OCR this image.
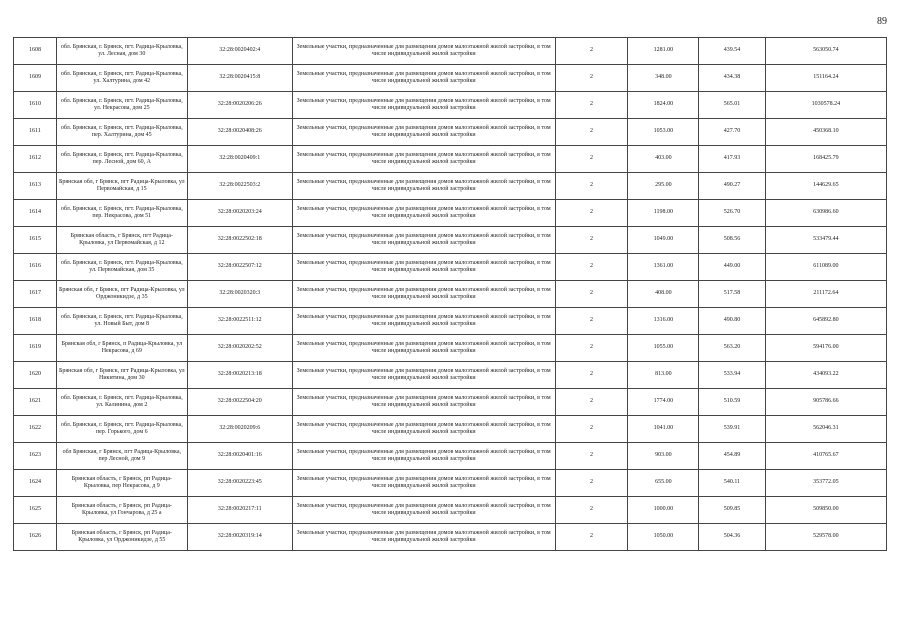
89
1608	обл. Брянская, г. Брянск, пгт. Радица-Крыловка, ул. Лесная, дом 30	32:28:0020402:4	Земельные участки, предназначенные для размещения домов малоэтажной жилой застройки, в том числе индивидуальной жилой застройки	2	1281.00	439.54	563050.74
1609	обл. Брянская, г. Брянск, пгт. Радица-Крыловка, ул. Халтурина, дом 42	32:28:0020415:8	Земельные участки, предназначенные для размещения домов малоэтажной жилой застройки, в том числе индивидуальной жилой застройки	2	348.00	434.38	151164.24
1610	обл. Брянская, г. Брянск, пгт. Радица-Крыловка, ул. Некрасова, дом 25	32:28:0020206:26	Земельные участки, предназначенные для размещения домов малоэтажной жилой застройки, в том числе индивидуальной жилой застройки	2	1824.00	565.01	1030578.24
1611	обл. Брянская, г. Брянск, пгт. Радица-Крыловка, пер. Халтурина, дом 45	32:28:0020408:26	Земельные участки, предназначенные для размещения домов малоэтажной жилой застройки, в том числе индивидуальной жилой застройки	2	1053.00	427.70	450368.10
1612	обл. Брянская, г. Брянск, пгт. Радица-Крыловка, пер. Лесной, дом 60, А	32:28:0020409:1	Земельные участки, предназначенные для размещения домов малоэтажной жилой застройки, в том числе индивидуальной жилой застройки	2	403.00	417.93	168425.79
1613	Брянская обл, г Брянск, пгт Радица-Крыловка, ул Первомайская, д 15	32:28:0022503:2	Земельные участки, предназначенные для размещения домов малоэтажной жилой застройки, в том числе индивидуальной жилой застройки	2	295.00	490.27	144629.65
1614	обл. Брянская, г. Брянск, пгт. Радица-Крыловка, пер. Некрасова, дом 51	32:28:0020203:24	Земельные участки, предназначенные для размещения домов малоэтажной жилой застройки, в том числе индивидуальной жилой застройки	2	1198.00	526.70	630986.60
1615	Брянская область, г Брянск, пгт Радица-Крыловка, ул Первомайская, д 12	32:28:0022502:18	Земельные участки, предназначенные для размещения домов малоэтажной жилой застройки, в том числе индивидуальной жилой застройки	2	1049.00	508.56	533479.44
1616	обл. Брянская, г. Брянск, пгт. Радица-Крыловка, ул. Первомайская, дом 35	32:28:0022507:12	Земельные участки, предназначенные для размещения домов малоэтажной жилой застройки, в том числе индивидуальной жилой застройки	2	1361.00	449.00	611089.00
1617	Брянская обл, г Брянск, пгт Радица-Крыловка, ул Орджоникидзе, д 35	32:28:0020320:3	Земельные участки, предназначенные для размещения домов малоэтажной жилой застройки, в том числе индивидуальной жилой застройки	2	408.00	517.58	211172.64
1618	обл. Брянская, г. Брянск, пгт. Радица-Крыловка, ул. Новый Быт, дом 8	32:28:0022511:12	Земельные участки, предназначенные для размещения домов малоэтажной жилой застройки, в том числе индивидуальной жилой застройки	2	1316.00	490.80	645892.80
1619	Брянская обл, г Брянск, п Радица-Крыловка, ул Некрасова, д 69	32:28:0020202:52	Земельные участки, предназначенные для размещения домов малоэтажной жилой застройки, в том числе индивидуальной жилой застройки	2	1055.00	563.20	594176.00
1620	Брянская обл, г Брянск, пгт Радица-Крыловка, ул Никитина, дом 30	32:28:0020213:18	Земельные участки, предназначенные для размещения домов малоэтажной жилой застройки, в том числе индивидуальной жилой застройки	2	813.00	533.94	434093.22
1621	обл. Брянская, г. Брянск, пгт. Радица-Крыловка, ул. Калинина, дом 2	32:28:0022504:20	Земельные участки, предназначенные для размещения домов малоэтажной жилой застройки, в том числе индивидуальной жилой застройки	2	1774.00	510.59	905786.66
1622	обл. Брянская, г. Брянск, пгт. Радица-Крыловка, пер. Горького, дом 6	32:28:0020209:6	Земельные участки, предназначенные для размещения домов малоэтажной жилой застройки, в том числе индивидуальной жилой застройки	2	1041.00	539.91	562046.31
1623	обл Брянская, г Брянск, пгт Радица-Крыловка, пер Лесной, дом 9	32:28:0020401:16	Земельные участки, предназначенные для размещения домов малоэтажной жилой застройки, в том числе индивидуальной жилой застройки	2	903.00	454.89	410765.67
1624	Брянская область, г Брянск, рп Радица-Крыловка, пер Некрасова, д 9	32:28:0020223:45	Земельные участки, предназначенные для размещения домов малоэтажной жилой застройки, в том числе индивидуальной жилой застройки	2	655.00	540.11	353772.05
1625	Брянская область, г Брянск, рп Радица-Крыловка, ул Гончарова, д 25 а	32:28:0020217:11	Земельные участки, предназначенные для размещения домов малоэтажной жилой застройки, в том числе индивидуальной жилой застройки	2	1000.00	509.85	509850.00
1626	Брянская область, г Брянск, рп Радица-Крыловка, ул Орджоникидзе, д 55	32:28:0020319:14	Земельные участки, предназначенные для размещения домов малоэтажной жилой застройки, в том числе индивидуальной жилой застройки	2	1050.00	504.36	529578.00
